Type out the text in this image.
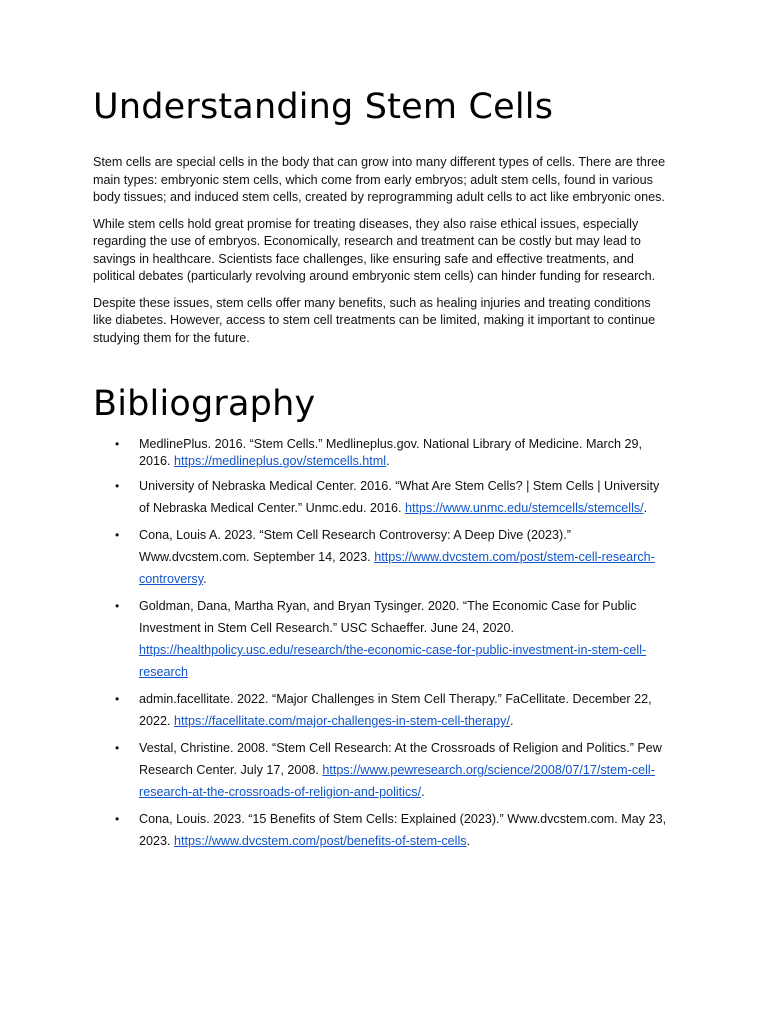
Understanding Stem Cells

Stem cells are special cells in the body that can grow into many different types of cells. There are three main types: embryonic stem cells, which come from early embryos; adult stem cells, found in various body tissues; and induced stem cells, created by reprogramming adult cells to act like embryonic ones.

While stem cells hold great promise for treating diseases, they also raise ethical issues, especially regarding the use of embryos. Economically, research and treatment can be costly but may lead to savings in healthcare. Scientists face challenges, like ensuring safe and effective treatments, and political debates (particularly revolving around embryonic stem cells) can hinder funding for research.

Despite these issues, stem cells offer many benefits, such as healing injuries and treating conditions like diabetes. However, access to stem cell treatments can be limited, making it important to continue studying them for the future.

Bibliography
• MedlinePlus. 2016. “Stem Cells.” Medlineplus.gov. National Library of Medicine. March 29, 2016. https://medlineplus.gov/stemcells.html.
• University of Nebraska Medical Center. 2016. “What Are Stem Cells? | Stem Cells | University of Nebraska Medical Center.” Unmc.edu. 2016. https://www.unmc.edu/stemcells/stemcells/.
• Cona, Louis A. 2023. “Stem Cell Research Controversy: A Deep Dive (2023).” Www.dvcstem.com. September 14, 2023. https://www.dvcstem.com/post/stem-cell-research-controversy.
• Goldman, Dana, Martha Ryan, and Bryan Tysinger. 2020. “The Economic Case for Public Investment in Stem Cell Research.” USC Schaeffer. June 24, 2020. https://healthpolicy.usc.edu/research/the-economic-case-for-public-investment-in-stem-cell-research
• admin.facellitate. 2022. “Major Challenges in Stem Cell Therapy.” FaCellitate. December 22, 2022. https://facellitate.com/major-challenges-in-stem-cell-therapy/.
• Vestal, Christine. 2008. “Stem Cell Research: At the Crossroads of Religion and Politics.” Pew Research Center. July 17, 2008. https://www.pewresearch.org/science/2008/07/17/stem-cell-research-at-the-crossroads-of-religion-and-politics/.
• Cona, Louis. 2023. “15 Benefits of Stem Cells: Explained (2023).” Www.dvcstem.com. May 23, 2023. https://www.dvcstem.com/post/benefits-of-stem-cells.
